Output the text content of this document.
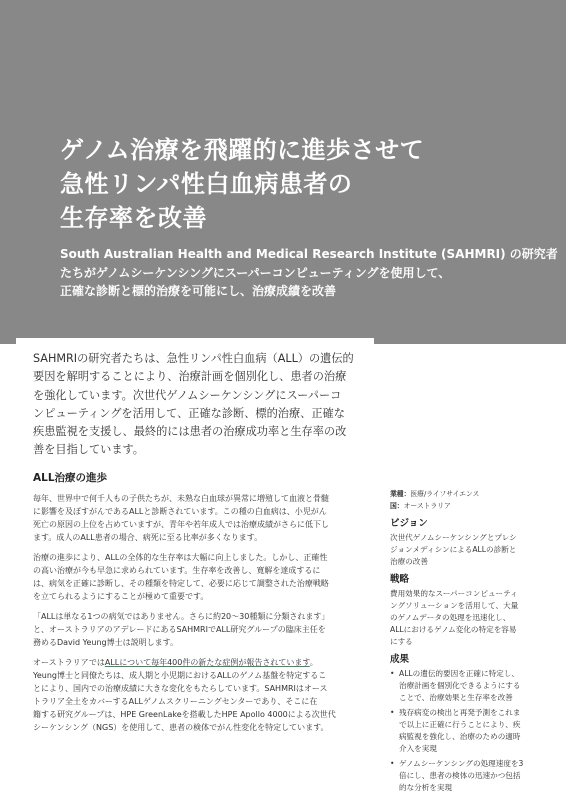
ゲノム治療を飛躍的に進歩させて
急性リンパ性白血病患者の
生存率を改善

South Australian Health and Medical Research Institute (SAHMRI) の研究者
たちがゲノムシーケンシングにスーパーコンピューティングを使用して、
正確な診断と標的治療を可能にし、治療成績を改善

SAHMRIの研究者たちは、急性リンパ性白血病（ALL）の遺伝的
要因を解明することにより、治療計画を個別化し、患者の治療
を強化しています。次世代ゲノムシーケンシングにスーパーコ
ンピューティングを活用して、正確な診断、標的治療、正確な
疾患監視を支援し、最終的には患者の治療成功率と生存率の改
善を目指しています。

ALL治療の進歩

毎年、世界中で何千人もの子供たちが、未熟な白血球が異常に増殖して血液と骨髄
に影響を及ぼすがんであるALLと診断されています。この種の白血病は、小児がん
死亡の原因の上位を占めていますが、青年や若年成人では治療成績がさらに低下し
ます。成人のALL患者の場合、病死に至る比率が多くなります。

治療の進歩により、ALLの全体的な生存率は大幅に向上しました。しかし、正確性
の高い治療が今も早急に求められています。生存率を改善し、寛解を達成するに
は、病気を正確に診断し、その種類を特定して、必要に応じて調整された治療戦略
を立てられるようにすることが極めて重要です。

「ALLは単なる1つの病気ではありません。さらに約20～30種類に分類されます」
と、オーストラリアのアデレードにあるSAHMRIでALL研究グループの臨床主任を
務めるDavid Yeung博士は説明します。

オーストラリアではALLについて毎年400件の新たな症例が報告されています。
Yeung博士と同僚たちは、成人期と小児期におけるALLのゲノム基盤を特定するこ
とにより、国内での治療成績に大きな変化をもたらしています。SAHMRIはオース
トラリア全土をカバーするALLゲノムスクリーニングセンターであり、そこに在
籍する研究グループは、HPE GreenLakeを搭載したHPE Apollo 4000による次世代
シーケンシング（NGS）を使用して、患者の検体でがん性変化を特定しています。

業種：医療/ライフサイエンス

国：オーストラリア

ビジョン

次世代ゲノムシーケンシングとプレシ
ジョンメディシンによるALLの診断と
治療の改善

戦略

費用効果的なスーパーコンピューティ
ングソリューションを活用して、大量
のゲノムデータの処理を迅速化し、
ALLにおけるゲノム変化の特定を容易
にする

成果
• ALLの遺伝的要因を正確に特定し、
治療計画を個別化できるようにする
ことで、治療効果と生存率を改善
• 残存病変の検出と再発予測をこれま
で以上に正確に行うことにより、疾
病監視を強化し、治療のための適時
介入を実現
• ゲノムシーケンシングの処理速度を3
倍にし、患者の検体の迅速かつ包括
的な分析を実現
